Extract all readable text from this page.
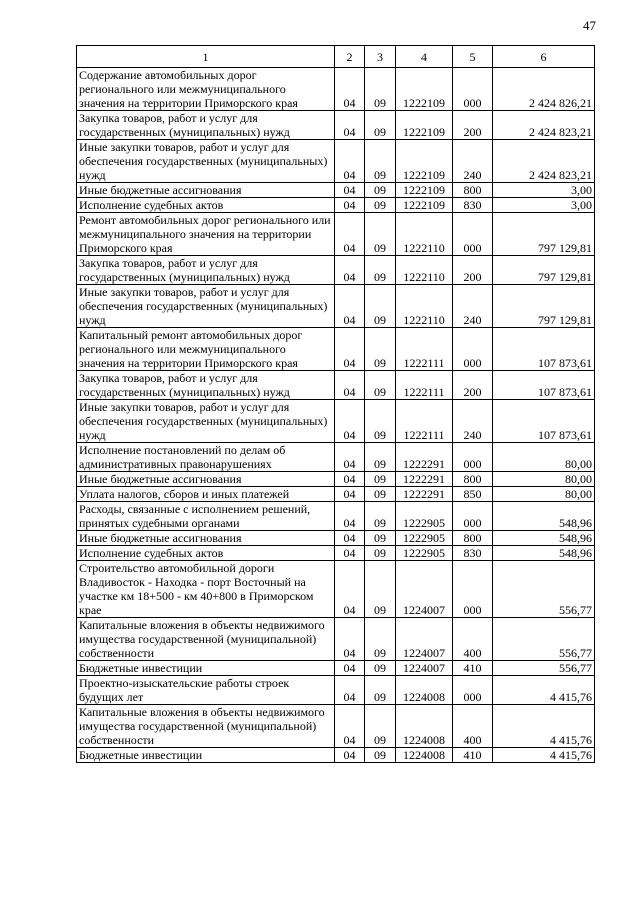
47
1	2	3	4	5	6
Содержание автомобильных дорог регионального или межмуниципального значения на территории Приморского края	04	09	1222109	000	2 424 826,21
Закупка товаров, работ и услуг для государственных (муниципальных) нужд	04	09	1222109	200	2 424 823,21
Иные закупки товаров, работ и услуг для обеспечения государственных (муниципальных) нужд	04	09	1222109	240	2 424 823,21
Иные бюджетные ассигнования	04	09	1222109	800	3,00
Исполнение судебных актов	04	09	1222109	830	3,00
Ремонт автомобильных дорог регионального или межмуниципального значения на территории Приморского края	04	09	1222110	000	797 129,81
Закупка товаров, работ и услуг для государственных (муниципальных) нужд	04	09	1222110	200	797 129,81
Иные закупки товаров, работ и услуг для обеспечения государственных (муниципальных) нужд	04	09	1222110	240	797 129,81
Капитальный ремонт автомобильных дорог регионального или межмуниципального значения на территории Приморского края	04	09	1222111	000	107 873,61
Закупка товаров, работ и услуг для государственных (муниципальных) нужд	04	09	1222111	200	107 873,61
Иные закупки товаров, работ и услуг для обеспечения государственных (муниципальных) нужд	04	09	1222111	240	107 873,61
Исполнение постановлений по делам об административных правонарушениях	04	09	1222291	000	80,00
Иные бюджетные ассигнования	04	09	1222291	800	80,00
Уплата налогов, сборов и иных платежей	04	09	1222291	850	80,00
Расходы, связанные с исполнением решений, принятых судебными органами	04	09	1222905	000	548,96
Иные бюджетные ассигнования	04	09	1222905	800	548,96
Исполнение судебных актов	04	09	1222905	830	548,96
Строительство автомобильной дороги Владивосток - Находка - порт Восточный на участке км 18+500 - км 40+800 в Приморском крае	04	09	1224007	000	556,77
Капитальные вложения в объекты недвижимого имущества государственной (муниципальной) собственности	04	09	1224007	400	556,77
Бюджетные инвестиции	04	09	1224007	410	556,77
Проектно-изыскательские работы строек будущих лет	04	09	1224008	000	4 415,76
Капитальные вложения в объекты недвижимого имущества государственной (муниципальной) собственности	04	09	1224008	400	4 415,76
Бюджетные инвестиции	04	09	1224008	410	4 415,76
